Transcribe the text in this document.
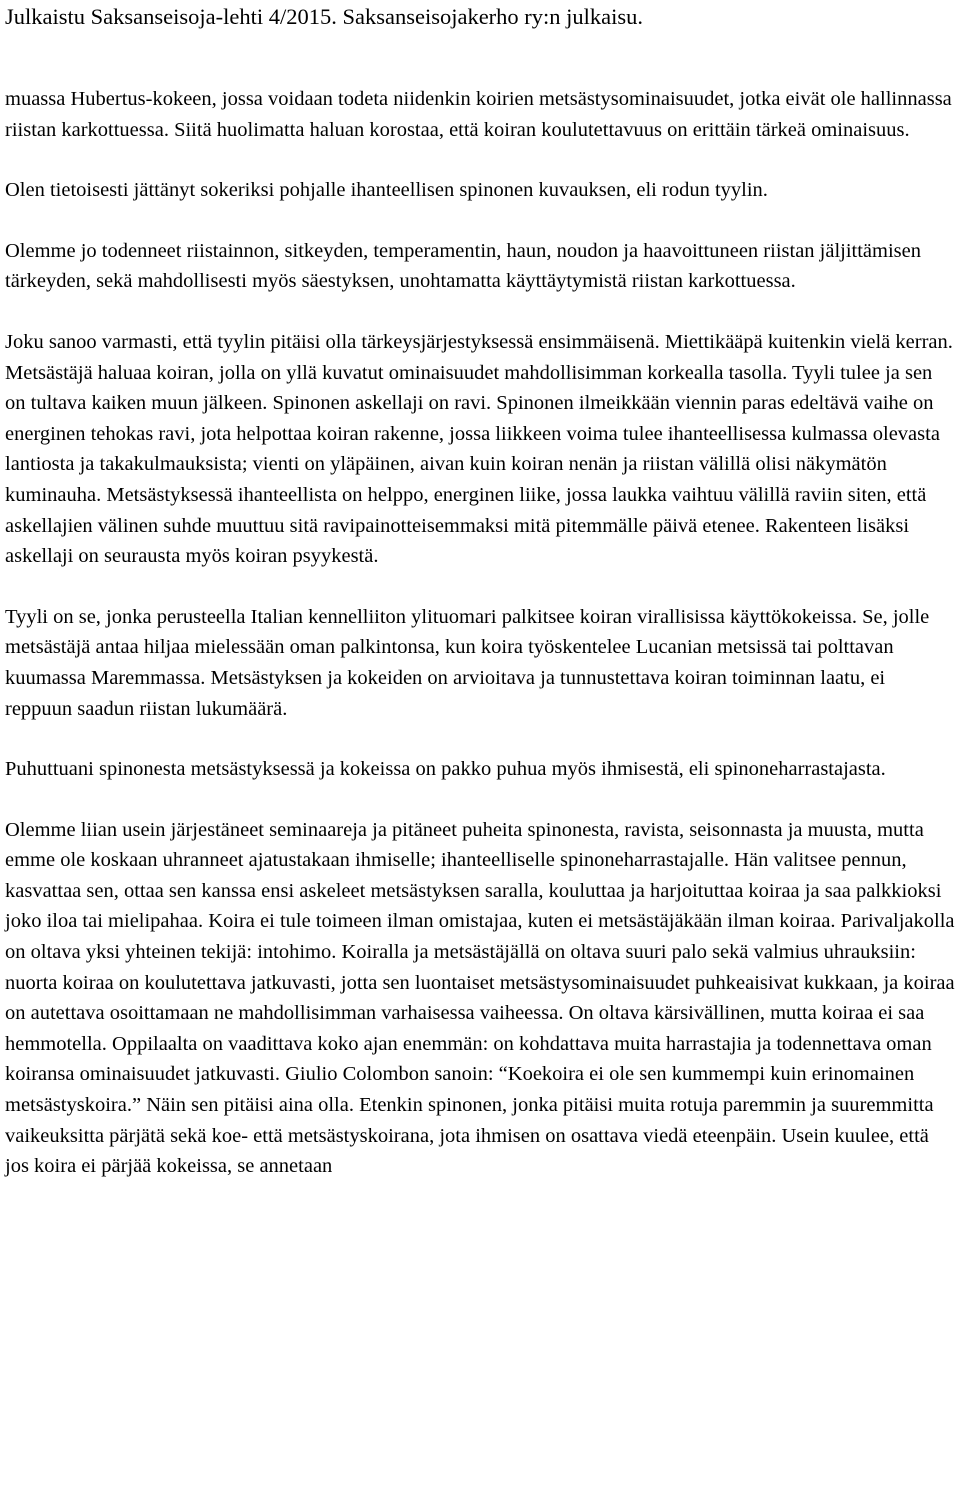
Julkaistu Saksanseisoja-lehti 4/2015. Saksanseisojakerho ry:n julkaisu.

muassa Hubertus-kokeen, jossa voidaan todeta niidenkin koirien metsästysominaisuudet, jotka eivät ole hallinnassa riistan karkottuessa. Siitä huolimatta haluan korostaa, että koiran koulutettavuus on erittäin tärkeä ominaisuus.

Olen tietoisesti jättänyt sokeriksi pohjalle ihanteellisen spinonen kuvauksen, eli rodun tyylin.

Olemme jo todenneet riistainnon, sitkeyden, temperamentin, haun, noudon ja haavoittuneen riistan jäljittämisen tärkeyden, sekä mahdollisesti myös säestyksen, unohtamatta käyttäytymistä riistan karkottuessa.

Joku sanoo varmasti, että tyylin pitäisi olla tärkeysjärjestyksessä ensimmäisenä. Miettikääpä kuitenkin vielä kerran. Metsästäjä haluaa koiran, jolla on yllä kuvatut ominaisuudet mahdollisimman korkealla tasolla. Tyyli tulee ja sen on tultava kaiken muun jälkeen. Spinonen askellaji on ravi. Spinonen ilmeikkään viennin paras edeltävä vaihe on energinen tehokas ravi, jota helpottaa koiran rakenne, jossa liikkeen voima tulee ihanteellisessa kulmassa olevasta lantiosta ja takakulmauksista; vienti on yläpäinen, aivan kuin koiran nenän ja riistan välillä olisi näkymätön kuminauha. Metsästyksessä ihanteellista on helppo, energinen liike, jossa laukka vaihtuu välillä raviin siten, että askellajien välinen suhde muuttuu sitä ravipainotteisemmaksi mitä pitemmälle päivä etenee. Rakenteen lisäksi askellaji on seurausta myös koiran psyykestä.

Tyyli on se, jonka perusteella Italian kennelliiton ylituomari palkitsee koiran virallisissa käyttökokeissa. Se, jolle metsästäjä antaa hiljaa mielessään oman palkintonsa, kun koira työskentelee Lucanian metsissä tai polttavan kuumassa Maremmassa. Metsästyksen ja kokeiden on arvioitava ja tunnustettava koiran toiminnan laatu, ei reppuun saadun riistan lukumäärä.

Puhuttuani spinonesta metsästyksessä ja kokeissa on pakko puhua myös ihmisestä, eli spinoneharrastajasta.

Olemme liian usein järjestäneet seminaareja ja pitäneet puheita spinonesta, ravista, seisonnasta ja muusta, mutta emme ole koskaan uhranneet ajatustakaan ihmiselle; ihanteelliselle spinoneharrastajalle. Hän valitsee pennun, kasvattaa sen, ottaa sen kanssa ensi askeleet metsästyksen saralla, kouluttaa ja harjoituttaa koiraa ja saa palkkioksi joko iloa tai mielipahaa. Koira ei tule toimeen ilman omistajaa, kuten ei metsästäjäkään ilman koiraa. Parivaljakolla on oltava yksi yhteinen tekijä: intohimo. Koiralla ja metsästäjällä on oltava suuri palo sekä valmius uhrauksiin: nuorta koiraa on koulutettava jatkuvasti, jotta sen luontaiset metsästysominaisuudet puhkeaisivat kukkaan, ja koiraa on autettava osoittamaan ne mahdollisimman varhaisessa vaiheessa. On oltava kärsivällinen, mutta koiraa ei saa hemmotella. Oppilaalta on vaadittava koko ajan enemmän: on kohdattava muita harrastajia ja todennettava oman koiransa ominaisuudet jatkuvasti. Giulio Colombon sanoin: “Koekoira ei ole sen kummempi kuin erinomainen metsästyskoira.” Näin sen pitäisi aina olla. Etenkin spinonen, jonka pitäisi muita rotuja paremmin ja suuremmitta vaikeuksitta pärjätä sekä koe- että metsästyskoirana, jota ihmisen on osattava viedä eteenpäin. Usein kuulee, että jos koira ei pärjää kokeissa, se annetaan
